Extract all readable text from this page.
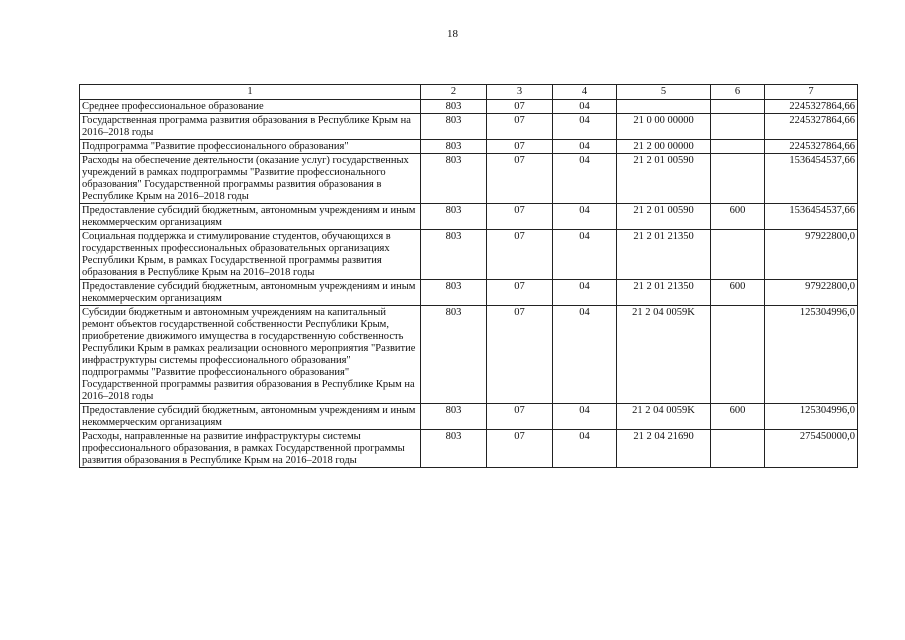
18
1	2	3	4	5	6	7
Среднее профессиональное образование	803	07	04			2245327864,66
Государственная программа развития образования в Республике Крым на 2016–2018 годы	803	07	04	21 0 00 00000		2245327864,66
Подпрограмма "Развитие профессионального образования"	803	07	04	21 2 00 00000		2245327864,66
Расходы на обеспечение деятельности (оказание услуг) государственных учреждений в рамках подпрограммы "Развитие профессионального образования" Государственной программы развития образования в Республике Крым на 2016–2018 годы	803	07	04	21 2 01 00590		1536454537,66
Предоставление субсидий бюджетным, автономным учреждениям и иным некоммерческим организациям	803	07	04	21 2 01 00590	600	1536454537,66
Социальная поддержка и стимулирование студентов, обучающихся в государственных профессиональных образовательных организациях Республики Крым, в рамках Государственной программы развития образования в Республике Крым на 2016–2018 годы	803	07	04	21 2 01 21350		97922800,0
Предоставление субсидий бюджетным, автономным учреждениям и иным некоммерческим организациям	803	07	04	21 2 01 21350	600	97922800,0
Субсидии бюджетным и автономным учреждениям на капитальный ремонт объектов государственной собственности Республики Крым, приобретение движимого имущества в государственную собственность Республики Крым в рамках реализации основного мероприятия "Развитие инфраструктуры системы профессионального образования" подпрограммы "Развитие профессионального образования" Государственной программы развития образования в Республике Крым на 2016–2018 годы	803	07	04	21 2 04 0059K		125304996,0
Предоставление субсидий бюджетным, автономным учреждениям и иным некоммерческим организациям	803	07	04	21 2 04 0059K	600	125304996,0
Расходы, направленные на развитие инфраструктуры системы профессионального образования, в рамках Государственной программы развития образования в Республике Крым на 2016–2018 годы	803	07	04	21 2 04 21690		275450000,0
